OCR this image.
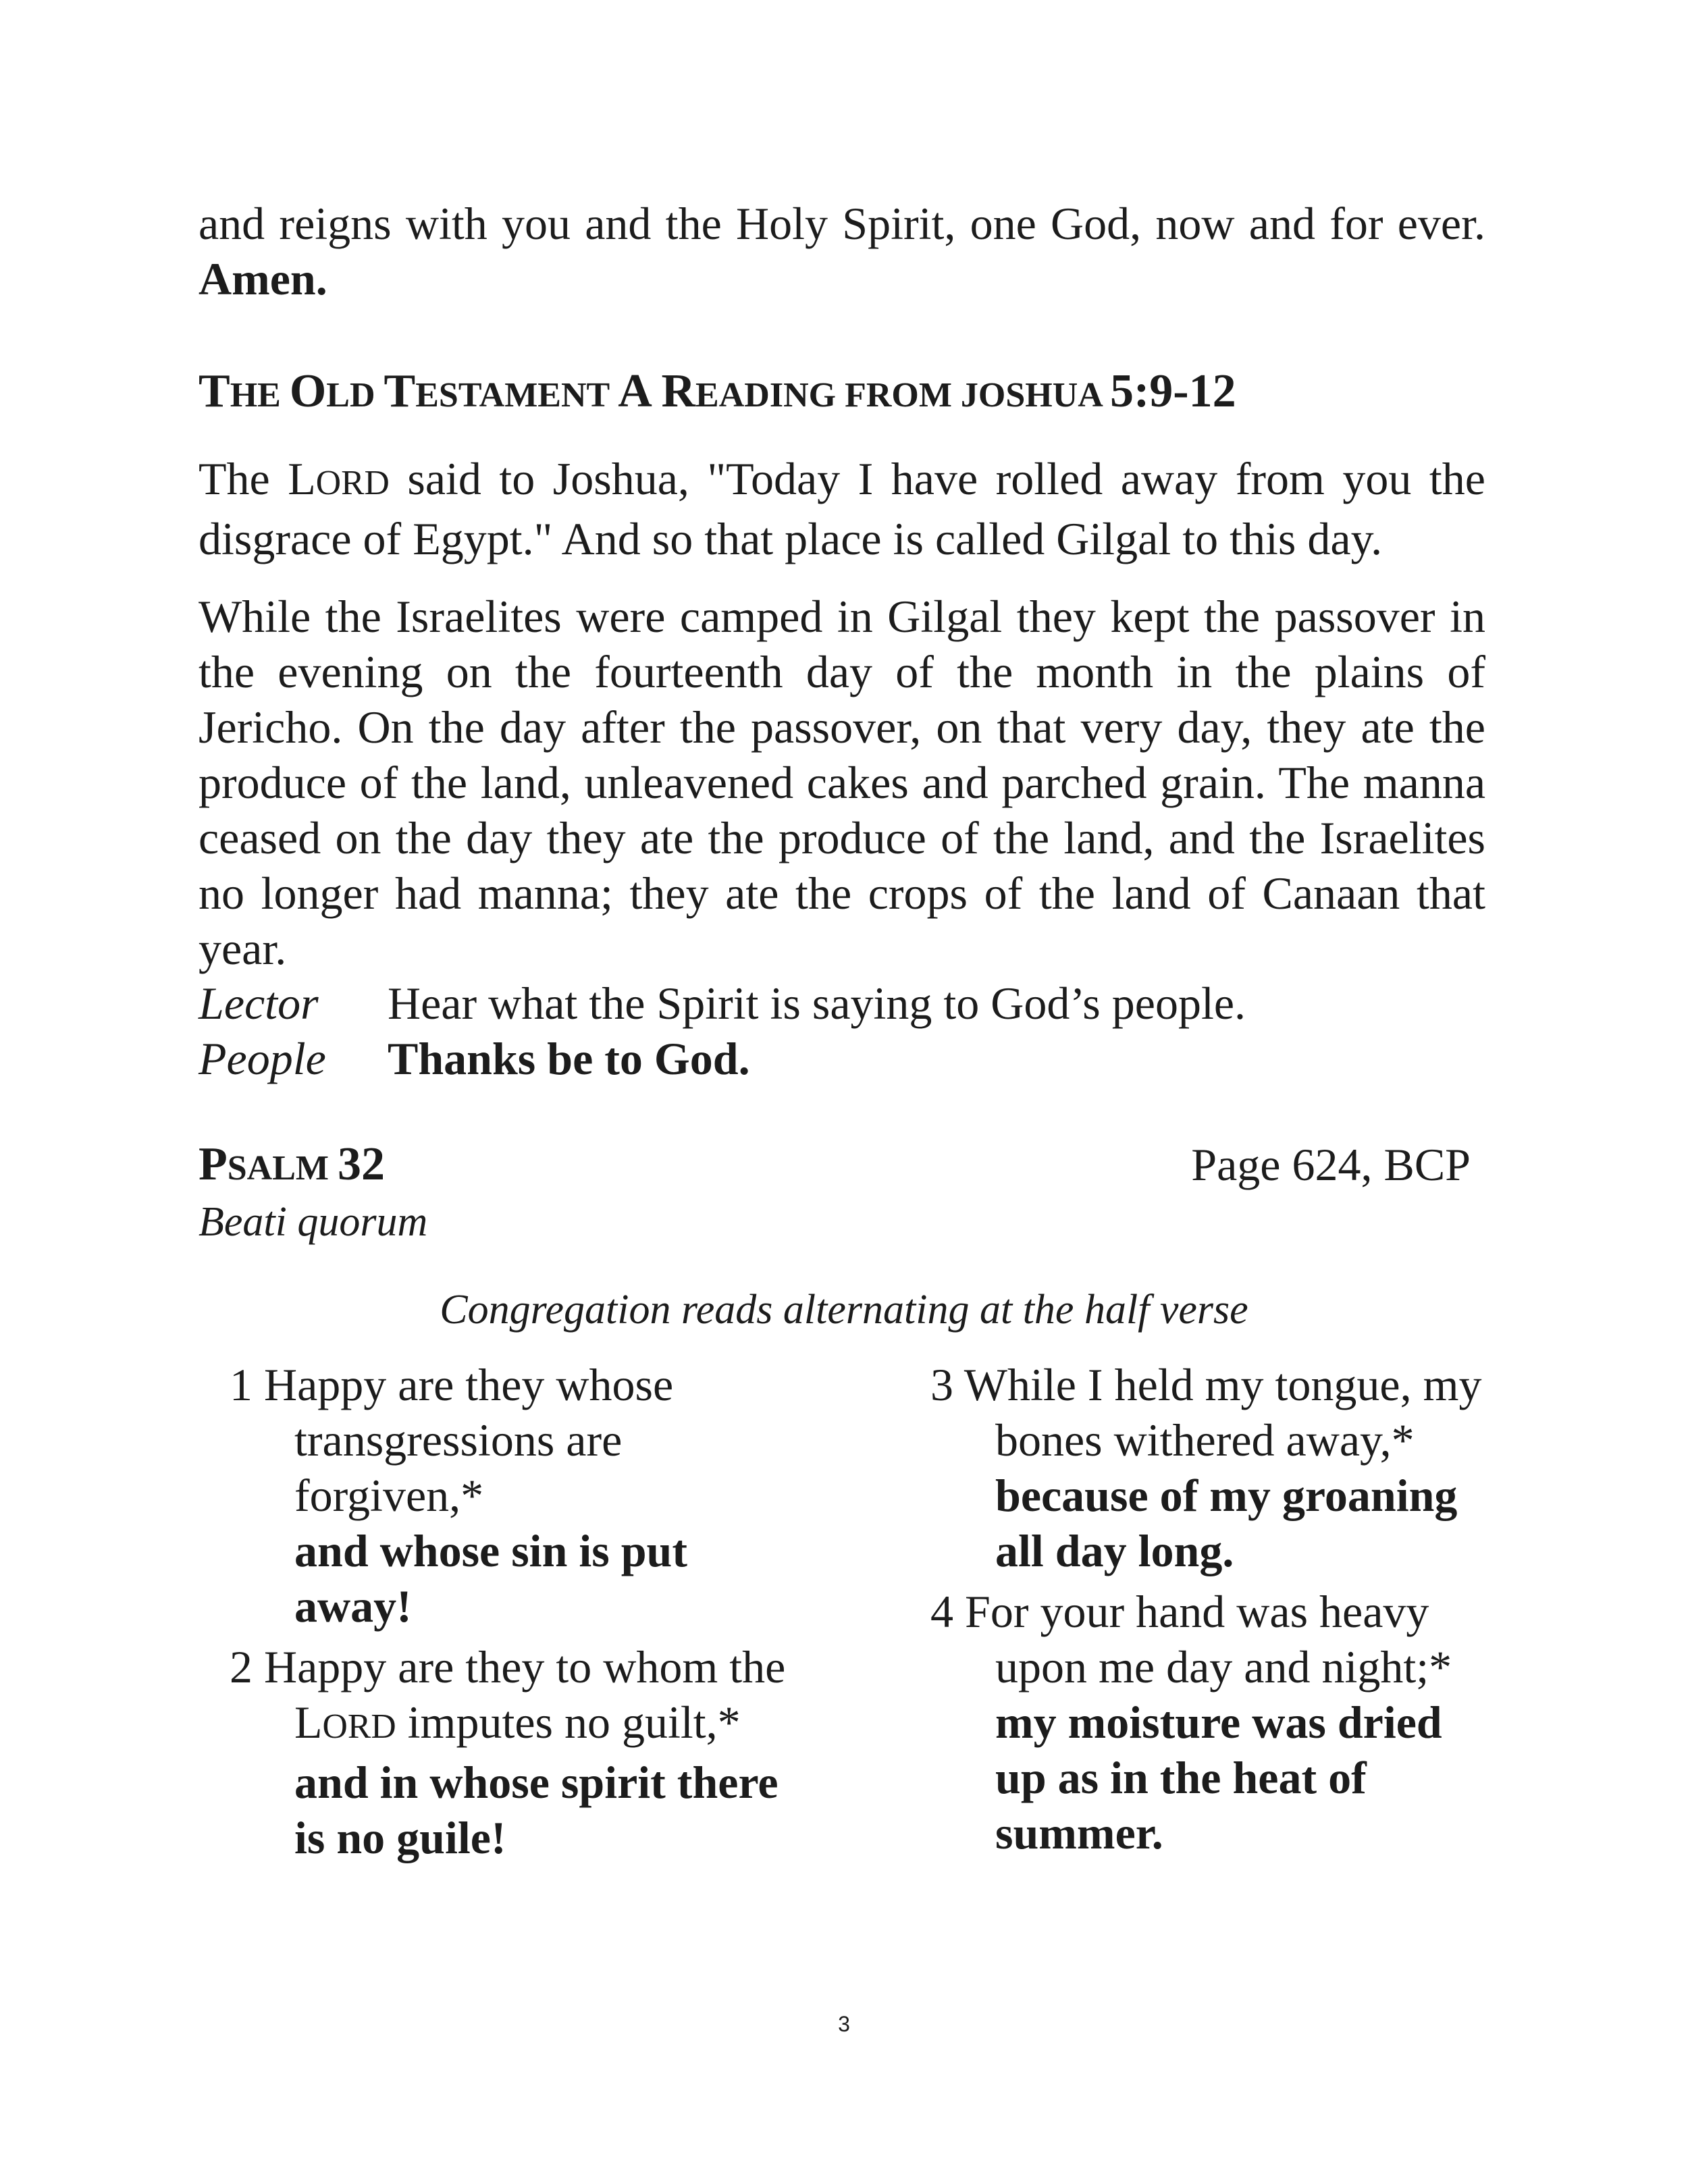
and reigns with you and the Holy Spirit, one God, now and for ever. Amen.

THE OLD TESTAMENT A READING FROM JOSHUA 5:9-12

The LORD said to Joshua, "Today I have rolled away from you the disgrace of Egypt." And so that place is called Gilgal to this day.

While the Israelites were camped in Gilgal they kept the passover in the evening on the fourteenth day of the month in the plains of Jericho. On the day after the passover, on that very day, they ate the produce of the land, unleavened cakes and parched grain. The manna ceased on the day they ate the produce of the land, and the Israelites no longer had manna; they ate the crops of the land of Canaan that year.

Lector Hear what the Spirit is saying to God’s people.
People Thanks be to God.
PSALM 32	Page 624, BCP
Beati quorum
Congregation reads alternating at the half verse
1 Happy are they whose transgressions are forgiven,*
and whose sin is put away!
2 Happy are they to whom the LORD imputes no guilt,*
and in whose spirit there is no guile!
3 While I held my tongue, my bones withered away,*
because of my groaning all day long.
4 For your hand was heavy upon me day and night;*
my moisture was dried up as in the heat of summer.
3
